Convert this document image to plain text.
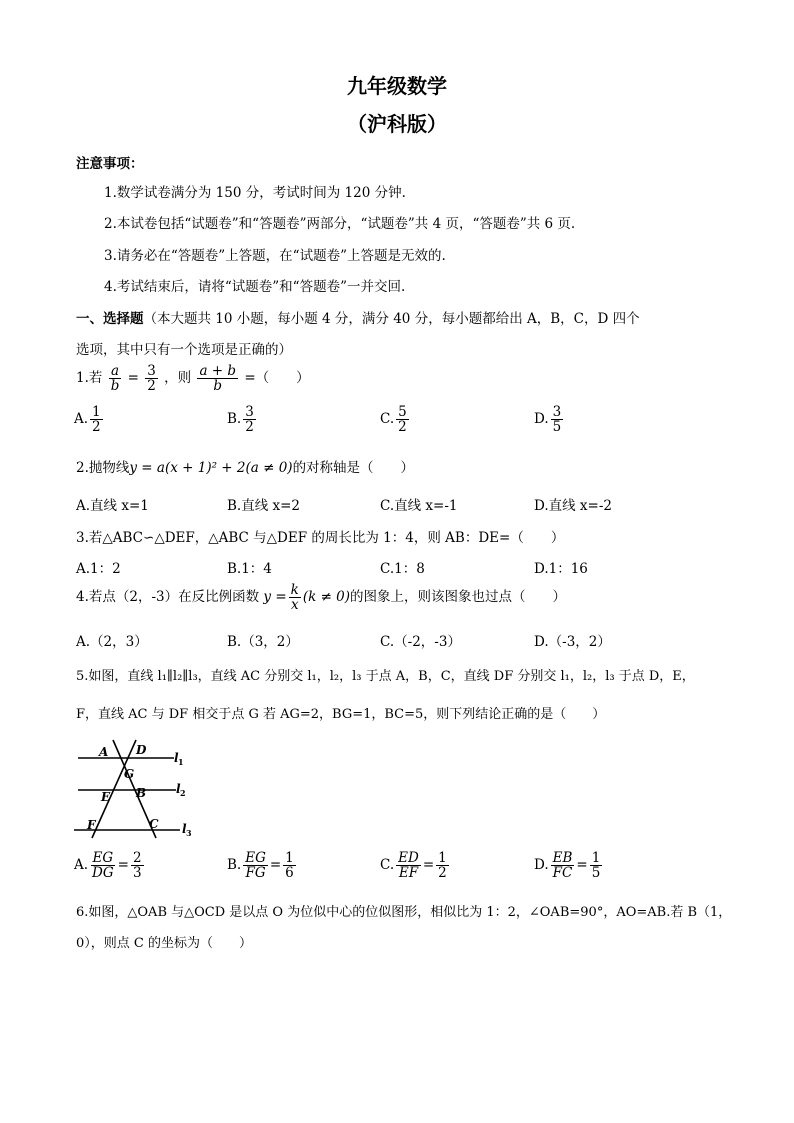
九年级数学
（沪科版）
注意事项：
1.数学试卷满分为 150 分，考试时间为 120 分钟.
2.本试卷包括“试题卷”和“答题卷”两部分，“试题卷”共 4 页，“答题卷”共 6 页.
3.请务必在“答题卷”上答题，在“试题卷”上答题是无效的.
4.考试结束后，请将“试题卷”和“答题卷”一并交回.
一、选择题（本大题共 10 小题，每小题 4 分，满分 40 分，每小题都给出 A，B，C，D 四个
选项，其中只有一个选项是正确的）
1.若 $\frac{a}{b} = \frac{3}{2}$ ，则 $\frac{a + b}{b}$ =（　　）
A. $\frac{1}{2}$	B. $\frac{3}{2}$	C. $\frac{5}{2}$	D. $\frac{3}{5}$
2.抛物线y = a(x + 1)² + 2(a ≠ 0)的对称轴是（　　）
A.直线 x=1	B.直线 x=2	C.直线 x=-1	D.直线 x=-2
3.若△ABC∽△DEF，△ABC 与△DEF 的周长比为 1：4，则 AB：DE=（　　）
A.1：2	B.1：4	C.1：8	D.1：16
4.若点（2，-3）在反比例函数 $y = \frac{k}{x} (k \ne 0)$的图象上，则该图象也过点（　　）
A.（2，3）	B.（3，2）	C.（-2，-3）	D.（-3，2）
5.如图，直线 l₁∥l₂∥l₃，直线 AC 分别交 l₁，l₂，l₃ 于点 A，B，C，直线 DF 分别交 l₁，l₂，l₃ 于点 D，E，
F，直线 AC 与 DF 相交于点 G 若 AG=2，BG=1，BC=5，则下列结论正确的是（　　）
A D
G
E B
F	C
l 1
l 2
l 3
A. $\frac{EG}{DG} = \frac{2}{3}$	B. $\frac{EG}{FG} = \frac{1}{6}$	C. $\frac{ED}{EF} = \frac{1}{2}$	D. $\frac{EB}{FC} = \frac{1}{5}$
6.如图，△OAB 与△OCD 是以点 O 为位似中心的位似图形，相似比为 1：2，∠OAB=90°，AO=AB.若 B（1，
0），则点 C 的坐标为（　　）
